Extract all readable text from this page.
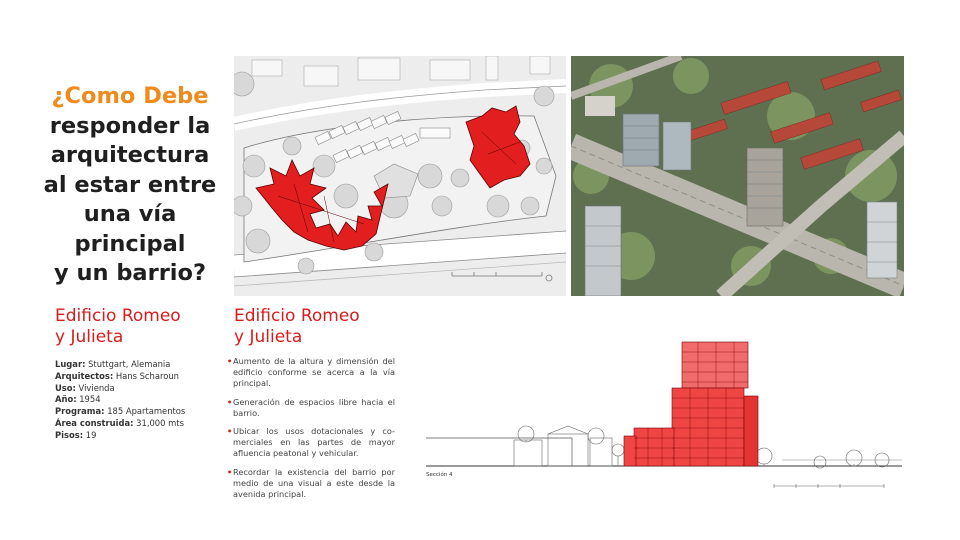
¿Como Debe
responder la
arquitectura
al estar entre
una vía principal
y un barrio?
Edificio Romeo
y Julieta
Edificio Romeo
y Julieta
Lugar: Stuttgart, Alemania
Arquitectos: Hans Scharoun
Uso: Vivienda
Año: 1954
Programa: 185 Apartamentos
Área construida: 31,000 mts
Pisos: 19
• Aumento de la altura y dimensión del edificio conforme se acerca a la vía principal.
• Generación de espacios libre hacia el barrio.
• Ubicar los usos dotacionales y co-merciales en las partes de mayor afluencia peatonal y vehicular.
• Recordar la existencia del barrio por medio de una visual a este desde la avenida principal.
Sección 4
